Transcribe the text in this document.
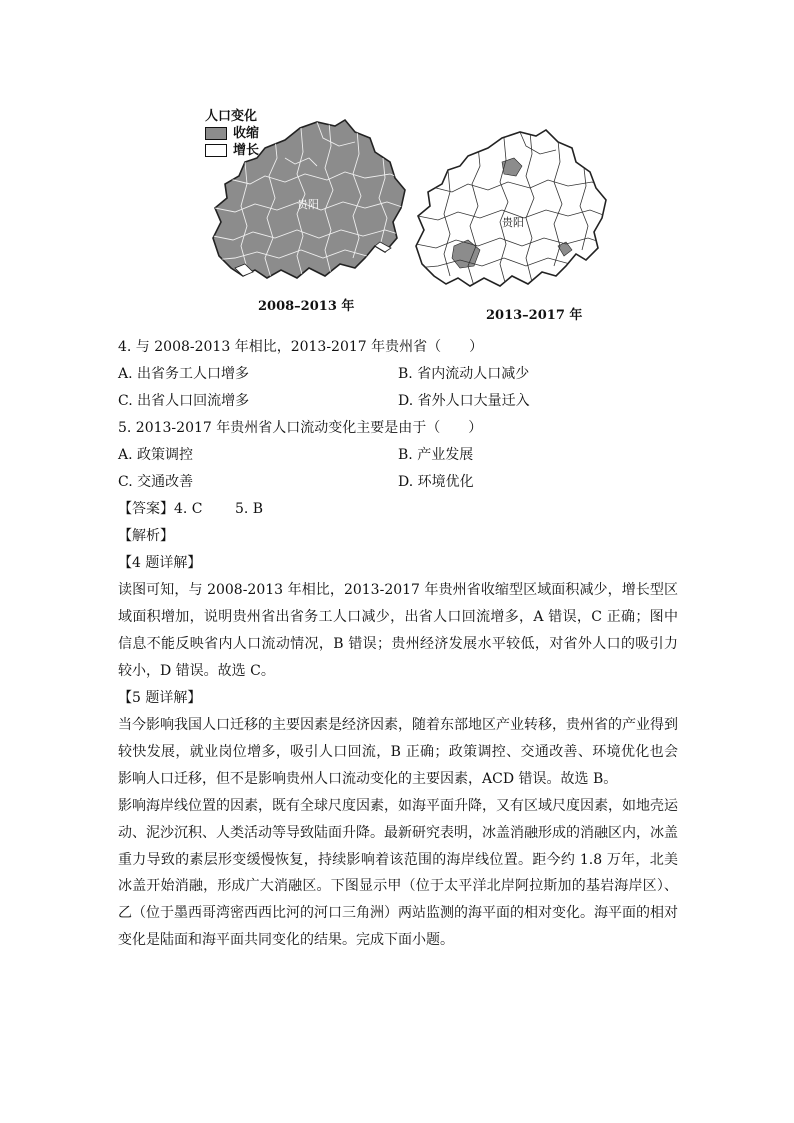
人口变化
收缩
增长
贵阳
2008–2013 年
贵阳
2013–2017 年
4. 与 2008-2013 年相比，2013-2017 年贵州省（　　）
A. 出省务工人口增多	B. 省内流动人口减少
C. 出省人口回流增多	D. 省外人口大量迁入
5. 2013-2017 年贵州省人口流动变化主要是由于（　　）
A. 政策调控	B. 产业发展
C. 交通改善	D. 环境优化
【答案】4. C　　 5. B
【解析】
【4 题详解】
读图可知，与 2008-2013 年相比，2013-2017 年贵州省收缩型区域面积减少，增长型区域面积增加，说明贵州省出省务工人口减少，出省人口回流增多，A 错误，C 正确；图中信息不能反映省内人口流动情况，B 错误；贵州经济发展水平较低，对省外人口的吸引力较小，D 错误。故选 C。
【5 题详解】
当今影响我国人口迁移的主要因素是经济因素，随着东部地区产业转移，贵州省的产业得到较快发展，就业岗位增多，吸引人口回流，B 正确；政策调控、交通改善、环境优化也会影响人口迁移，但不是影响贵州人口流动变化的主要因素，ACD 错误。故选 B。
影响海岸线位置的因素，既有全球尺度因素，如海平面升降，又有区域尺度因素，如地壳运动、泥沙沉积、人类活动等导致陆面升降。最新研究表明，冰盖消融形成的消融区内，冰盖重力导致的素层形变缓慢恢复，持续影响着该范围的海岸线位置。距今约 1.8 万年，北美冰盖开始消融，形成广大消融区。下图显示甲（位于太平洋北岸阿拉斯加的基岩海岸区）、乙（位于墨西哥湾密西西比河的河口三角洲）两站监测的海平面的相对变化。海平面的相对变化是陆面和海平面共同变化的结果。完成下面小题。
